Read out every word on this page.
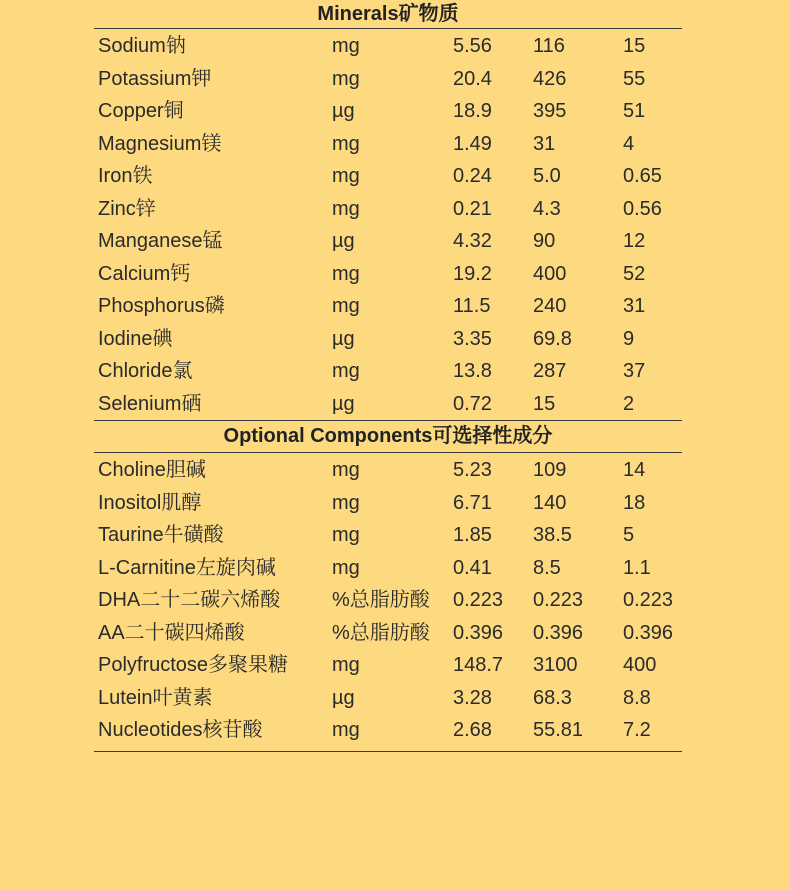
Minerals矿物质
Sodium钠	mg	5.56	116	15
Potassium钾	mg	20.4	426	55
Copper铜	µg	18.9	395	51
Magnesium镁	mg	1.49	31	4
Iron铁	mg	0.24	5.0	0.65
Zinc锌	mg	0.21	4.3	0.56
Manganese锰	µg	4.32	90	12
Calcium钙	mg	19.2	400	52
Phosphorus磷	mg	11.5	240	31
Iodine碘	µg	3.35	69.8	9
Chloride氯	mg	13.8	287	37
Selenium硒	µg	0.72	15	2
Optional Components可选择性成分
Choline胆碱	mg	5.23	109	14
Inositol肌醇	mg	6.71	140	18
Taurine牛磺酸	mg	1.85	38.5	5
L-Carnitine左旋肉碱	mg	0.41	8.5	1.1
DHA二十二碳六烯酸	%总脂肪酸	0.223	0.223	0.223
AA二十碳四烯酸	%总脂肪酸	0.396	0.396	0.396
Polyfructose多聚果糖	mg	148.7	3100	400
Lutein叶黄素	µg	3.28	68.3	8.8
Nucleotides核苷酸	mg	2.68	55.81	7.2
